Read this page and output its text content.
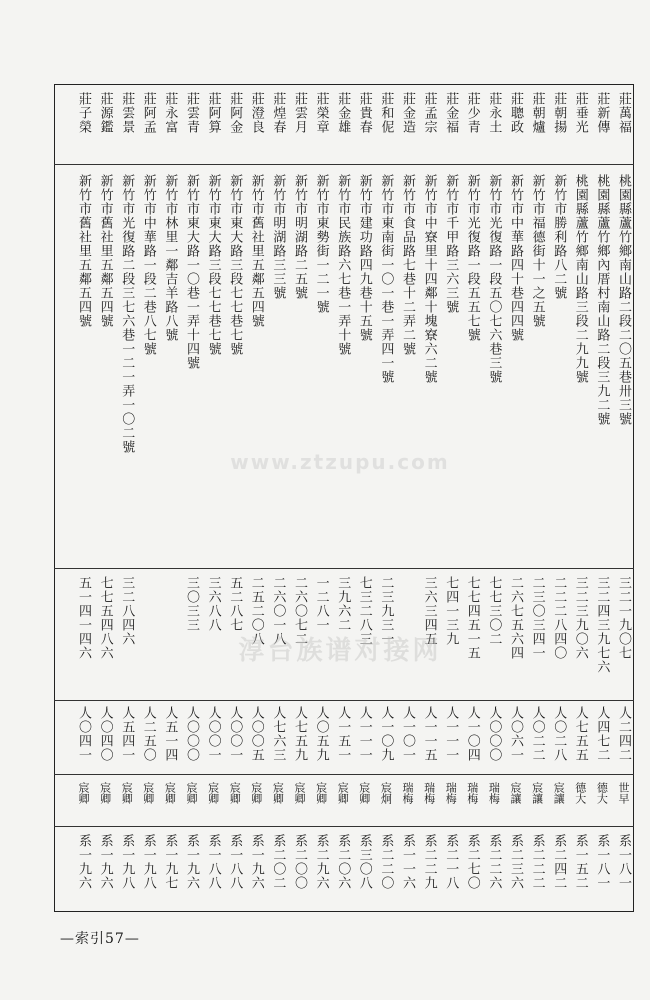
莊萬福
桃園縣蘆竹鄉南山路二段二〇五巷卅三號
三二一九〇七
人二四二
世早
系一八一
莊新傳
桃園縣蘆竹鄉內厝村南山路二段三九二號
三二四三九七六
人四七二
德大
系一八一
莊垂光
桃園縣蘆竹鄉南山路三段二九九號
三二三九〇六
人七五五
德大
系一五二
莊朝揚
新竹市勝利路八二號
二二二八四〇
人〇二八
宸讓
系二四二
莊朝爐
新竹市福德街十一之五號
二三〇三四一
人〇二二
宸讓
系二二二
莊聰政
新竹市中華路四十巷四四號
二六七五六四
人〇六一
宸讓
系二三六
莊永土
新竹市光復路一段五〇七六巷三號
七七三〇二
人〇〇〇
瑞梅
系二二六
莊少青
新竹市光復路一段五五七號
七七四五一五
人一〇四
瑞梅
系二七〇
莊金福
新竹市千甲路三六三號
七四一三九
人一一一
瑞梅
系二一八
莊孟宗
新竹市中寮里十四鄰十塊寮六二號
三六三四五
人一一五
瑞梅
系二二九
莊金造
新竹市食品路七巷十二弄二號
人一〇一
瑞梅
系一一六
莊和伲
新竹市東南街一〇一巷一弄四一號
二三九三一
人一〇九
宸炯
系二二〇
莊貴春
新竹市建功路四九巷十五號
七三二八三
人一一一
宸卿
系三〇八
莊金雄
新竹市民族路六七巷一弄十號
三九六二
人一五一
宸卿
系二〇六
莊榮章
新竹市東勢街一二一號
一二八一
人〇五九
宸卿
系二九六
莊雲月
新竹市明湖路二五號
二六〇七二
人七五九
宸卿
系二〇〇
莊煌春
新竹市明湖路三三號
二六〇一八
人七六三
宸卿
系二〇二
莊澄良
新竹市舊社里五鄰五四號
二五二〇八
人〇〇五
宸卿
系一九六
莊阿金
新竹市東大路三段七七巷七號
五二八七
人〇〇一
宸卿
系一八八
莊阿算
新竹市東大路三段七七巷七號
三六八八
人〇〇一
宸卿
系一八八
莊雲青
新竹市東大路一〇巷一弄十四號
三〇三三
人〇〇〇
宸卿
系一九六
莊永富
新竹市林里一鄰吉羊路八號
人五一四
宸卿
系一九七
莊阿孟
新竹市中華路一段二巷八七號
人二五〇
宸卿
系一九八
莊雲景
新竹市光復路二段三七六巷一二一弄一〇二號
三二八四六
人五四一
宸卿
系一九八
莊源鑑
新竹市舊社里五鄰五四號
七七五四八六
人〇四〇
宸卿
系一九六
莊子榮
新竹市舊社里五鄰五四號
五一四一四六
人〇四一
宸卿
系一九六
www.ztzupu.com
淳台族谱对接网
—索引57—
